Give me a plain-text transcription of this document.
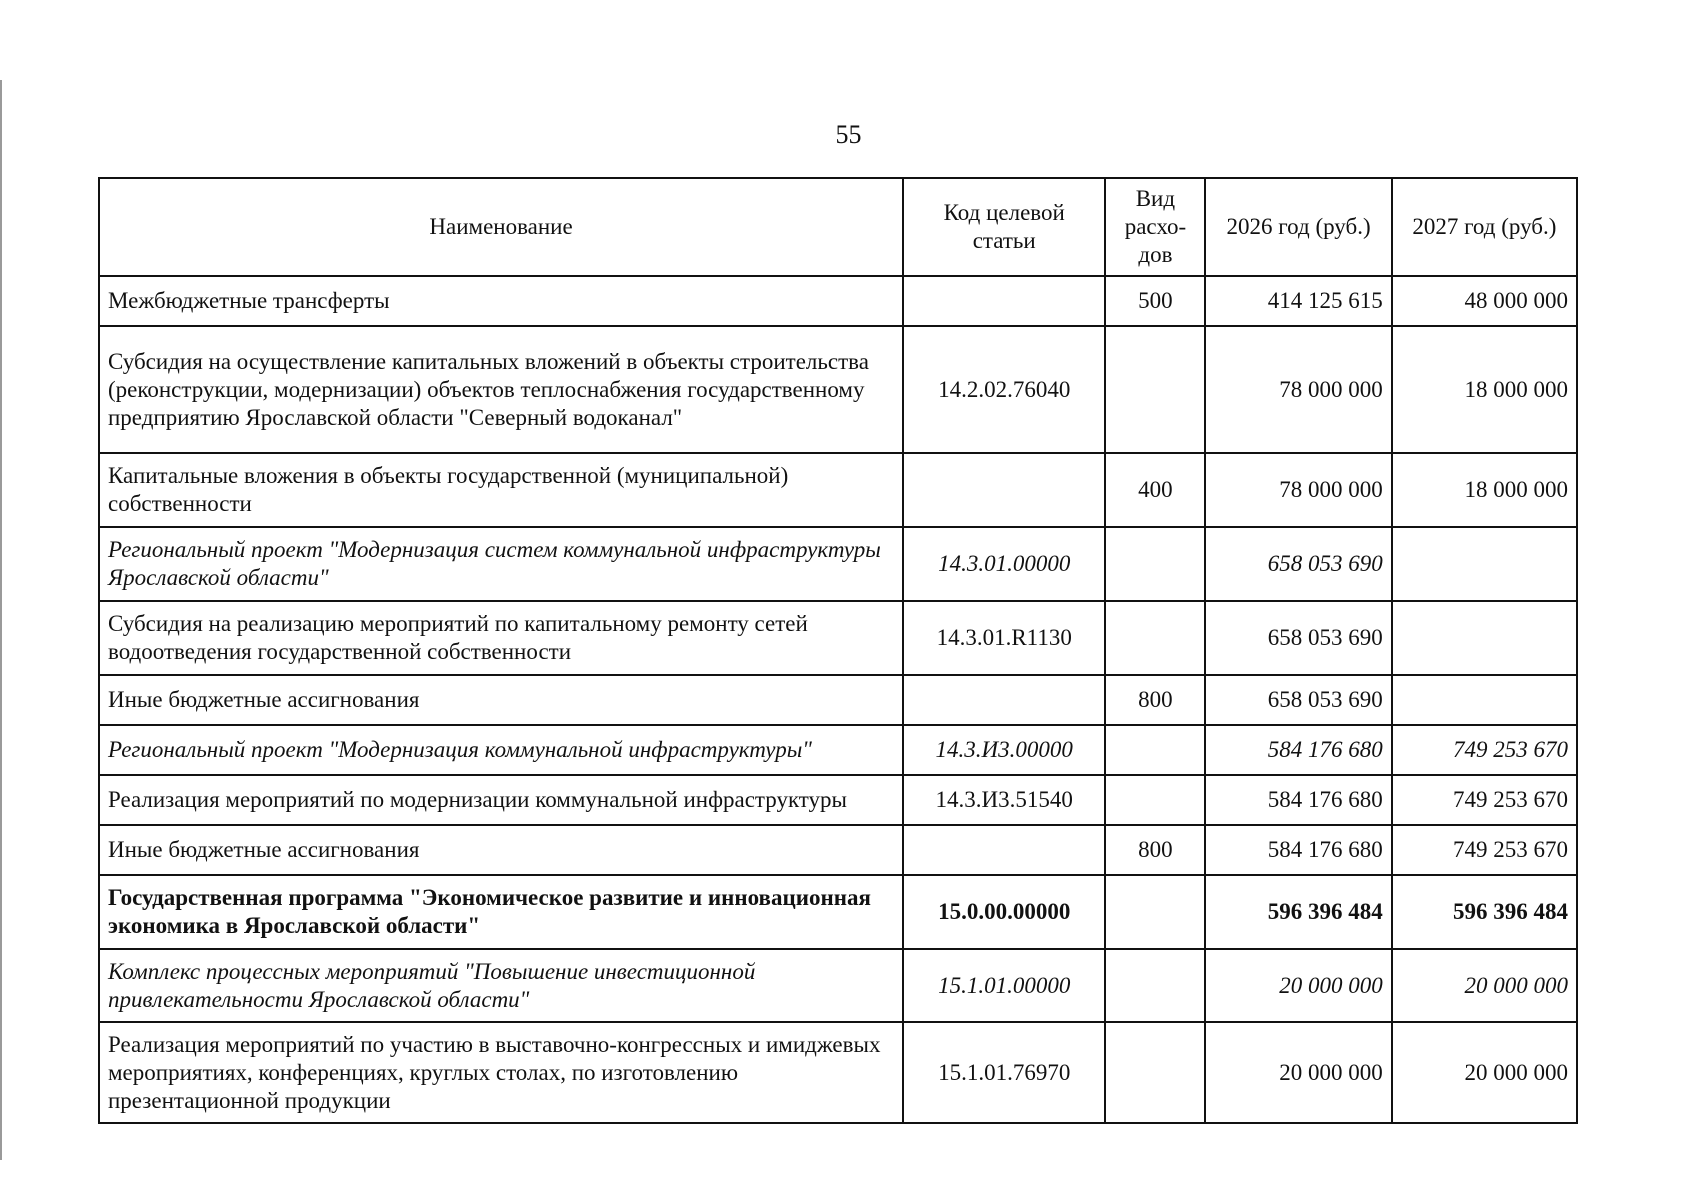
55
Наименование	Код целевой статьи	Вид расхо- дов	2026 год (руб.)	2027 год (руб.)
Межбюджетные трансферты		500	414 125 615	48 000 000
Субсидия на осуществление капитальных вложений в объекты строительства (реконструкции, модернизации) объектов теплоснабжения государственному предприятию Ярославской области "Северный водоканал"	14.2.02.76040		78 000 000	18 000 000
Капитальные вложения в объекты государственной (муниципальной) собственности		400	78 000 000	18 000 000
Региональный проект "Модернизация систем коммунальной инфраструктуры Ярославской области"	14.3.01.00000		658 053 690	
Субсидия на реализацию мероприятий по капитальному ремонту сетей водоотведения государственной собственности	14.3.01.R1130		658 053 690	
Иные бюджетные ассигнования		800	658 053 690	
Региональный проект "Модернизация коммунальной инфраструктуры"	14.3.И3.00000		584 176 680	749 253 670
Реализация мероприятий по модернизации коммунальной инфраструктуры	14.3.И3.51540		584 176 680	749 253 670
Иные бюджетные ассигнования		800	584 176 680	749 253 670
Государственная программа "Экономическое развитие и инновационная экономика в Ярославской области"	15.0.00.00000		596 396 484	596 396 484
Комплекс процессных мероприятий "Повышение инвестиционной привлекательности Ярославской области"	15.1.01.00000		20 000 000	20 000 000
Реализация мероприятий по участию в выставочно-конгрессных и имиджевых мероприятиях, конференциях, круглых столах, по изготовлению презентационной продукции	15.1.01.76970		20 000 000	20 000 000
